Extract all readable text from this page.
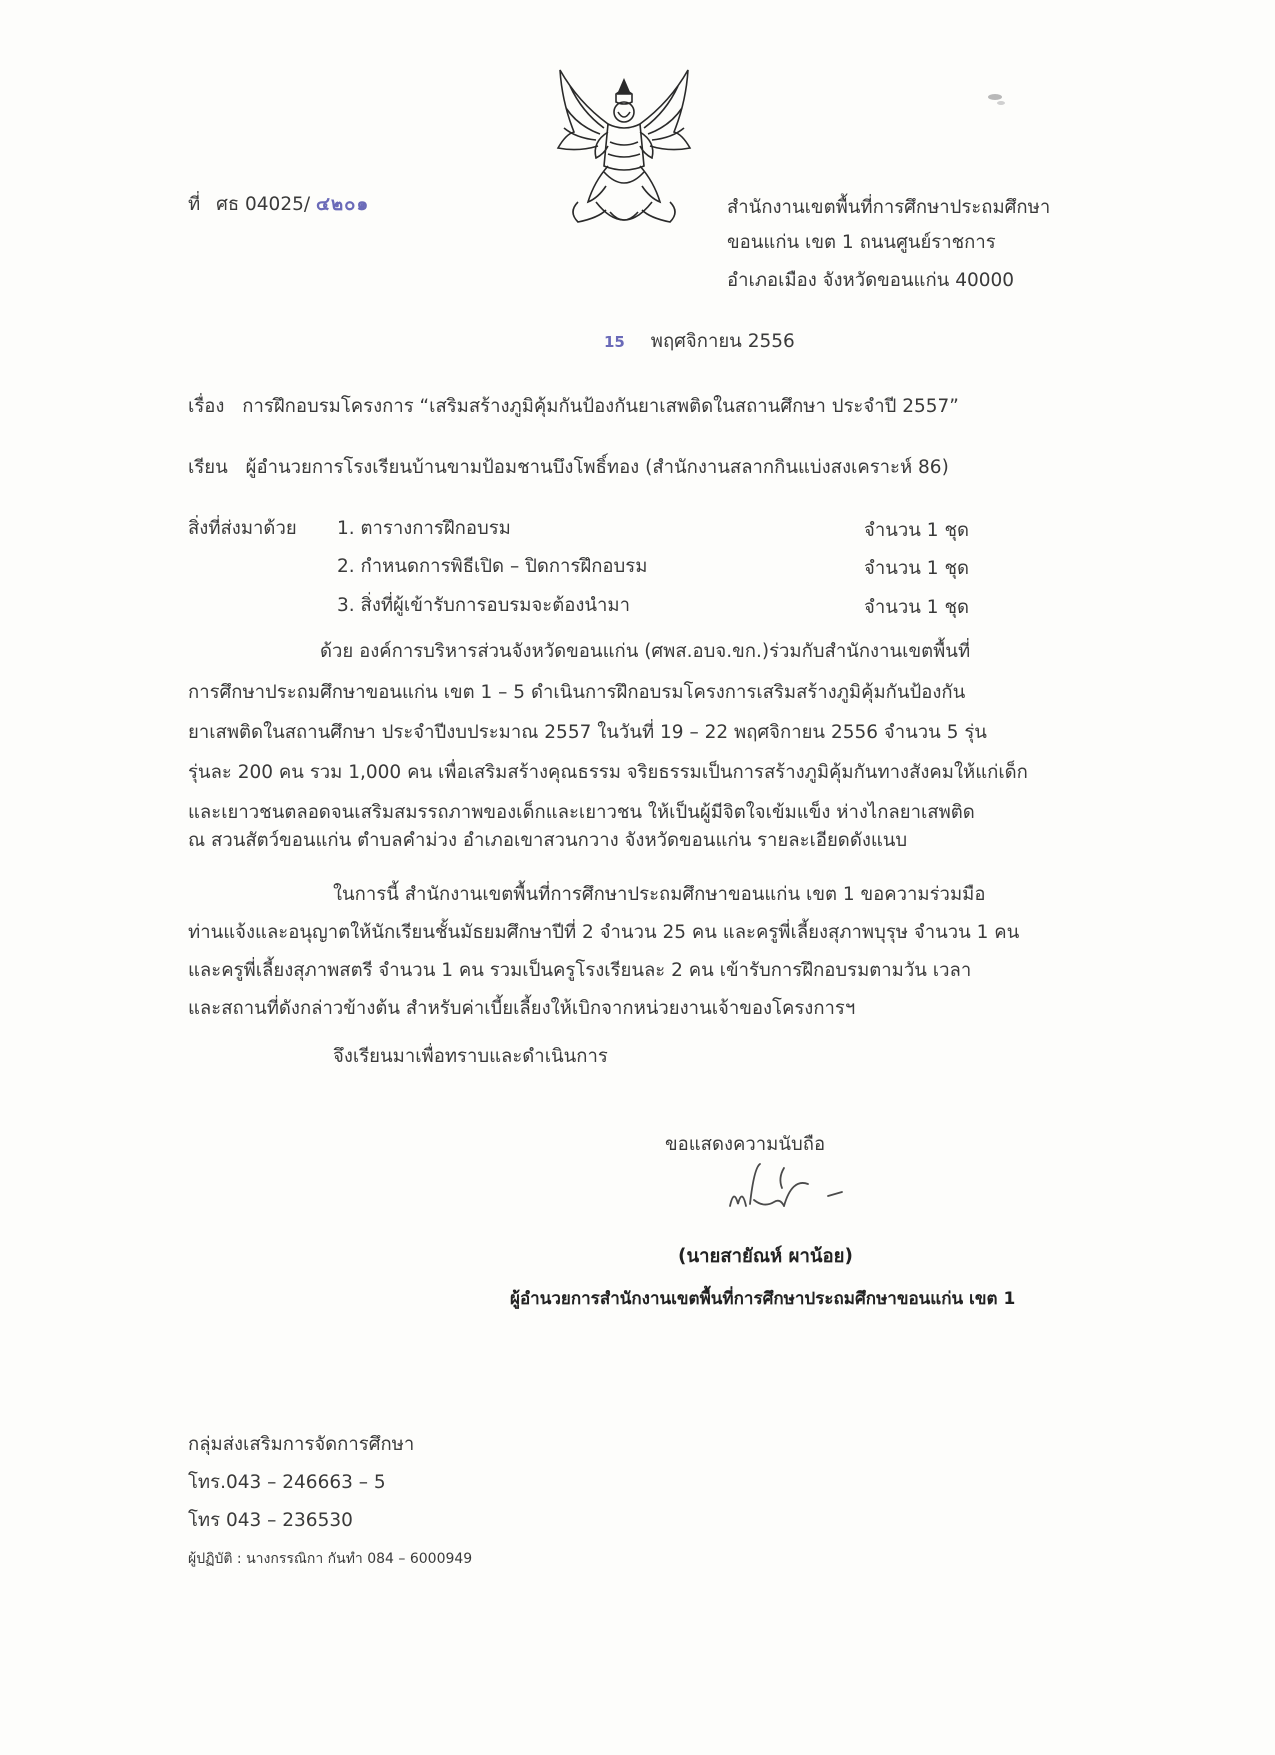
ที่ ศธ 04025/ ๔๒๐๑	สำนักงานเขตพื้นที่การศึกษาประถมศึกษา
ขอนแก่น เขต 1 ถนนศูนย์ราชการ
อำเภอเมือง จังหวัดขอนแก่น 40000
15 พฤศจิกายน 2556
เรื่อง การฝึกอบรมโครงการ “เสริมสร้างภูมิคุ้มกันป้องกันยาเสพติดในสถานศึกษา ประจำปี 2557”
เรียน ผู้อำนวยการโรงเรียนบ้านขามป้อมชานบึงโพธิ์ทอง (สำนักงานสลากกินแบ่งสงเคราะห์ 86)
สิ่งที่ส่งมาด้วย 1. ตารางการฝึกอบรม	จำนวน 1 ชุด
2. กำหนดการพิธีเปิด – ปิดการฝึกอบรม	จำนวน 1 ชุด
3. สิ่งที่ผู้เข้ารับการอบรมจะต้องนำมา	จำนวน 1 ชุด
ด้วย องค์การบริหารส่วนจังหวัดขอนแก่น (ศพส.อบจ.ขก.)ร่วมกับสำนักงานเขตพื้นที่
การศึกษาประถมศึกษาขอนแก่น เขต 1 – 5 ดำเนินการฝึกอบรมโครงการเสริมสร้างภูมิคุ้มกันป้องกัน
ยาเสพติดในสถานศึกษา ประจำปีงบประมาณ 2557 ในวันที่ 19 – 22 พฤศจิกายน 2556 จำนวน 5 รุ่น
รุ่นละ 200 คน รวม 1,000 คน เพื่อเสริมสร้างคุณธรรม จริยธรรมเป็นการสร้างภูมิคุ้มกันทางสังคมให้แก่เด็ก
และเยาวชนตลอดจนเสริมสมรรถภาพของเด็กและเยาวชน ให้เป็นผู้มีจิตใจเข้มแข็ง ห่างไกลยาเสพติด
ณ สวนสัตว์ขอนแก่น ตำบลคำม่วง อำเภอเขาสวนกวาง จังหวัดขอนแก่น รายละเอียดดังแนบ
ในการนี้ สำนักงานเขตพื้นที่การศึกษาประถมศึกษาขอนแก่น เขต 1 ขอความร่วมมือ
ท่านแจ้งและอนุญาตให้นักเรียนชั้นมัธยมศึกษาปีที่ 2 จำนวน 25 คน และครูพี่เลี้ยงสุภาพบุรุษ จำนวน 1 คน
และครูพี่เลี้ยงสุภาพสตรี จำนวน 1 คน รวมเป็นครูโรงเรียนละ 2 คน เข้ารับการฝึกอบรมตามวัน เวลา
และสถานที่ดังกล่าวข้างต้น สำหรับค่าเบี้ยเลี้ยงให้เบิกจากหน่วยงานเจ้าของโครงการฯ
จึงเรียนมาเพื่อทราบและดำเนินการ
ขอแสดงความนับถือ
(นายสายัณห์ ผาน้อย)
ผู้อำนวยการสำนักงานเขตพื้นที่การศึกษาประถมศึกษาขอนแก่น เขต 1
กลุ่มส่งเสริมการจัดการศึกษา
โทร.043 – 246663 – 5
โทร 043 – 236530
ผู้ปฏิบัติ : นางกรรณิกา กันทำ 084 – 6000949
